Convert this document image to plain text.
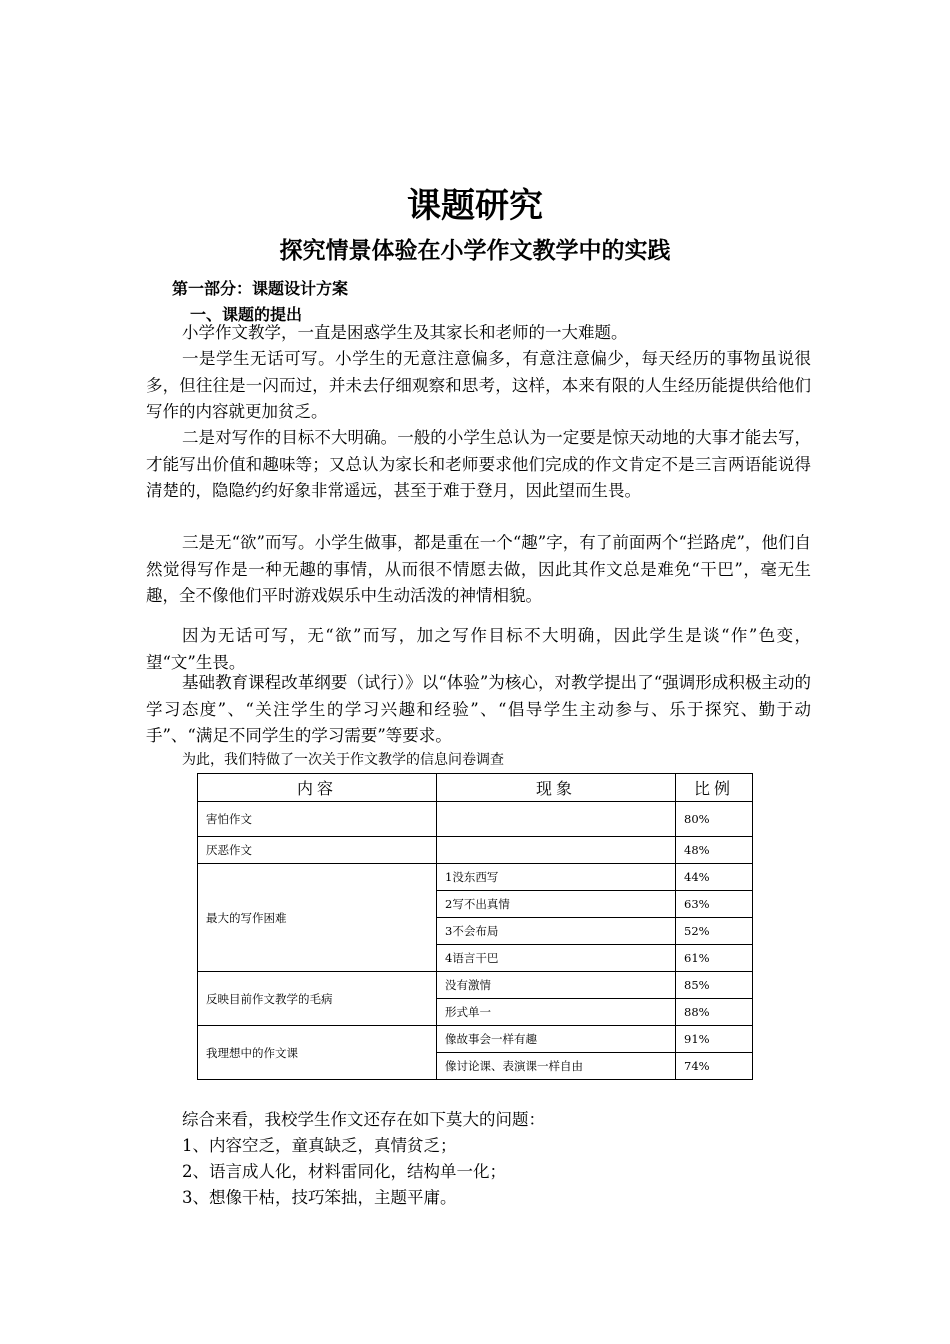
课题研究
探究情景体验在小学作文教学中的实践
第一部分：课题设计方案
一、课题的提出

小学作文教学，一直是困惑学生及其家长和老师的一大难题。

一是学生无话可写。小学生的无意注意偏多，有意注意偏少，每天经历的事物虽说很多，但往往是一闪而过，并未去仔细观察和思考，这样，本来有限的人生经历能提供给他们写作的内容就更加贫乏。

二是对写作的目标不大明确。一般的小学生总认为一定要是惊天动地的大事才能去写，才能写出价值和趣味等；又总认为家长和老师要求他们完成的作文肯定不是三言两语能说得清楚的，隐隐约约好象非常遥远，甚至于难于登月，因此望而生畏。

三是无“欲”而写。小学生做事，都是重在一个“趣”字，有了前面两个“拦路虎”，他们自然觉得写作是一种无趣的事情，从而很不情愿去做，因此其作文总是难免“干巴”，毫无生趣，全不像他们平时游戏娱乐中生动活泼的神情相貌。

因为无话可写，无“欲”而写，加之写作目标不大明确，因此学生是谈“作”色变，望“文”生畏。

基础教育课程改革纲要（试行）》以“体验”为核心，对教学提出了“强调形成积极主动的学习态度”、“关注学生的学习兴趣和经验”、“倡导学生主动参与、乐于探究、勤于动手”、“满足不同学生的学习需要”等要求。

为此，我们特做了一次关于作文教学的信息问卷调查
内容	现象	比例
害怕作文		80%
厌恶作文		48%
最大的写作困难	1没东西写	44%
	2写不出真情	63%
	3不会布局	52%
	4语言干巴	61%
反映目前作文教学的毛病	没有激情	85%
	形式单一	88%
我理想中的作文课	像故事会一样有趣	91%
	像讨论课、表演课一样自由	74%
综合来看，我校学生作文还存在如下莫大的问题：
1、内容空乏，童真缺乏，真情贫乏；
2、语言成人化，材料雷同化，结构单一化；
3、想像干枯，技巧笨拙，主题平庸。
